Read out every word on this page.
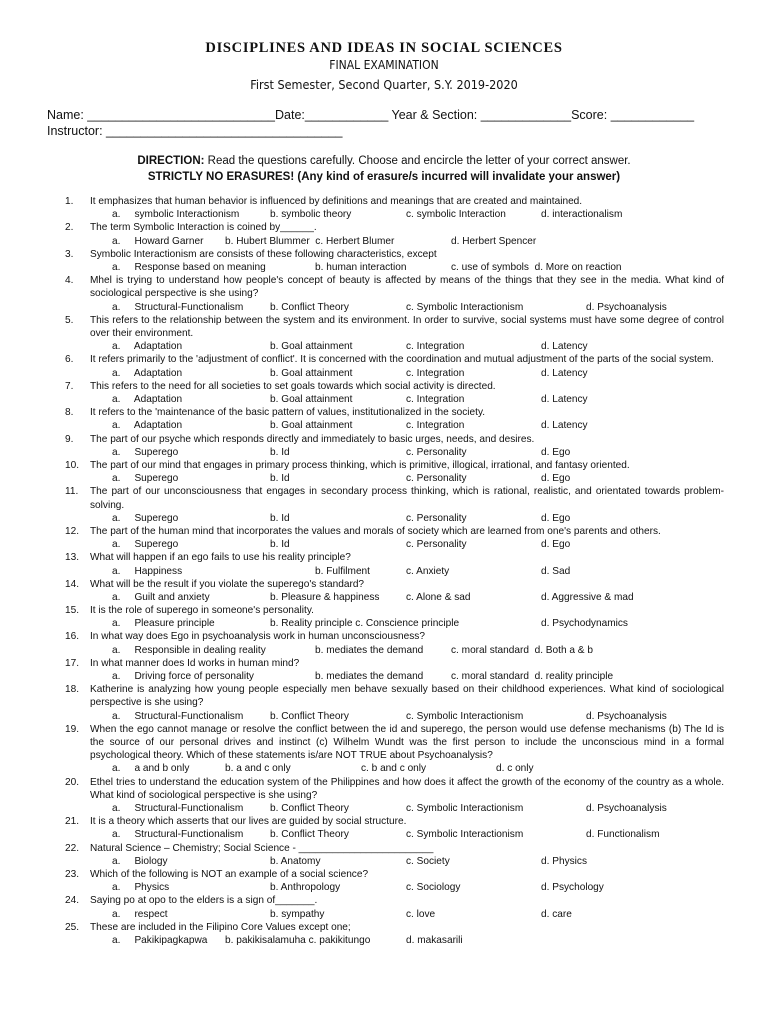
DISCIPLINES AND IDEAS IN SOCIAL SCIENCES
FINAL EXAMINATION
First Semester, Second Quarter, S.Y. 2019-2020
Name: ___________________________Date:____________ Year & Section: _____________Score: ____________
Instructor: __________________________________
DIRECTION: Read the questions carefully. Choose and encircle the letter of your correct answer.
STRICTLY NO ERASURES! (Any kind of erasure/s incurred will invalidate your answer)
1. It emphasizes that human behavior is influenced by definitions and meanings that are created and maintained.
a.     symbolic Interactionism	b. symbolic theory	c. symbolic Interaction	d. interactionalism
2. The term Symbolic Interaction is coined by______.
a.     Howard Garner b. Hubert Blummer  c. Herbert Blumer	d. Herbert Spencer
3. Symbolic Interactionism are consists of these following characteristics, except
a.     Response based on meaning	b. human interaction	c. use of symbols  d. More on reaction
4. Mhel is trying to understand how people's concept of beauty is affected by means of the things that they see in the media. What kind of sociological perspective is she using?
a.     Structural-Functionalism	b. Conflict Theory	c. Symbolic Interactionism	d. Psychoanalysis
5. This refers to the relationship between the system and its environment. In order to survive, social systems must have some degree of control over their environment.
a.     Adaptation	b. Goal attainment	c. Integration	d. Latency
6. It refers primarily to the 'adjustment of conflict'. It is concerned with the coordination and mutual adjustment of the parts of the social system.
a.     Adaptation	b. Goal attainment	c. Integration	d. Latency
7. This refers to the need for all societies to set goals towards which social activity is directed.
a.     Adaptation	b. Goal attainment	c. Integration	d. Latency
8. It refers to the 'maintenance of the basic pattern of values, institutionalized in the society.
a.     Adaptation	b. Goal attainment	c. Integration	d. Latency
9. The part of our psyche which responds directly and immediately to basic urges, needs, and desires.
a.     Superego	b. Id	c. Personality	d. Ego
10. The part of our mind that engages in primary process thinking, which is primitive, illogical, irrational, and fantasy oriented.
a.     Superego	b. Id	c. Personality	d. Ego
11. The part of our unconsciousness that engages in secondary process thinking, which is rational, realistic, and orientated towards problem-solving.
a.     Superego	b. Id	c. Personality	d. Ego
12. The part of the human mind that incorporates the values and morals of society which are learned from one's parents and others.
a.     Superego	b. Id	c. Personality	d. Ego
13. What will happen if an ego fails to use his reality principle?
a.     Happiness	b. Fulfilment	c. Anxiety	d. Sad
14. What will be the result if you violate the superego's standard?
a.     Guilt and anxiety	b. Pleasure & happiness	c. Alone & sad	d. Aggressive & mad
15. It is the role of superego in someone's personality.
a.     Pleasure principle	b. Reality principle c. Conscience principle	d. Psychodynamics
16. In what way does Ego in psychoanalysis work in human unconsciousness?
a.     Responsible in dealing reality	b. mediates the demand	c. moral standard  d. Both a & b
17. In what manner does Id works in human mind?
a.     Driving force of personality	b. mediates the demand	c. moral standard  d. reality principle
18. Katherine is analyzing how young people especially men behave sexually based on their childhood experiences. What kind of sociological perspective is she using?
a.     Structural-Functionalism	b. Conflict Theory	c. Symbolic Interactionism	d. Psychoanalysis
19. When the ego cannot manage or resolve the conflict between the id and superego, the person would use defense mechanisms (b) The Id is the source of our personal drives and instinct (c) Wilhelm Wundt was the first person to include the unconscious mind in a formal psychological theory. Which of these statements is/are NOT TRUE about Psychoanalysis?
a.     a and b only	b. a and c only	c. b and c only	d. c only
20. Ethel tries to understand the education system of the Philippines and how does it affect the growth of the economy of the country as a whole. What kind of sociological perspective is she using?
a.     Structural-Functionalism	b. Conflict Theory	c. Symbolic Interactionism	d. Psychoanalysis
21. It is a theory which asserts that our lives are guided by social structure.
a.     Structural-Functionalism	b. Conflict Theory	c. Symbolic Interactionism	d. Functionalism
22. Natural Science – Chemistry; Social Science - ________________________
a.     Biology	b. Anatomy	c. Society	d. Physics
23. Which of the following is NOT an example of a social science?
a.     Physics	b. Anthropology	c. Sociology	d. Psychology
24. Saying po at opo to the elders is a sign of_______.
a.     respect	b. sympathy	c. love	d. care
25. These are included in the Filipino Core Values except one;
a.     Pakikipagkapwa b. pakikisalamuha c. pakikitungo	d. makasarili
